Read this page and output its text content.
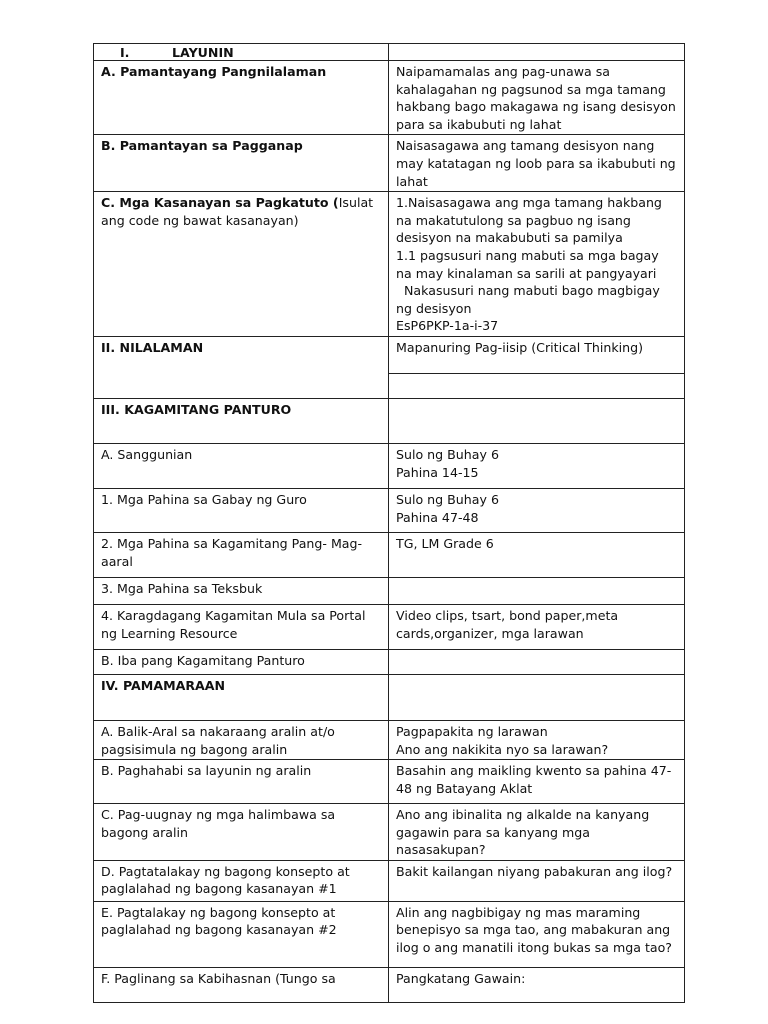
I. LAYUNIN	
A. Pamantayang Pangnilalaman	Naipamamalas ang pag-unawa sa kahalagahan ng pagsunod sa mga tamang hakbang bago makagawa ng isang desisyon para sa ikabubuti ng lahat
B. Pamantayan sa Pagganap	Naisasagawa ang tamang desisyon nang may katatagan ng loob para sa ikabubuti ng lahat
C. Mga Kasanayan sa Pagkatuto (Isulat ang code ng bawat kasanayan)	1.Naisasagawa ang mga tamang hakbang na makatutulong sa pagbuo ng isang desisyon na makabubuti sa pamilya
1.1 pagsusuri nang mabuti sa mga bagay na may kinalaman sa sarili at pangyayari
Nakasusuri nang mabuti bago magbigay ng desisyon
EsP6PKP-1a-i-37

II. NILALAMAN	Mapanuring Pag-iisip (Critical Thinking)

III. KAGAMITANG PANTURO	
A. Sanggunian	Sulo ng Buhay 6
Pahina 14-15

1. Mga Pahina sa Gabay ng Guro	Sulo ng Buhay 6
Pahina 47-48

2. Mga Pahina sa Kagamitang Pang- Mag-aaral	TG, LM Grade 6
3. Mga Pahina sa Teksbuk	
4. Karagdagang Kagamitan Mula sa Portal ng Learning Resource	Video clips, tsart, bond paper,meta cards,organizer, mga larawan
B. Iba pang Kagamitang Panturo	
IV. PAMAMARAAN	
A. Balik-Aral sa nakaraang aralin at/o pagsisimula ng bagong aralin	Pagpapakita ng larawan
Ano ang nakikita nyo sa larawan?

B. Paghahabi sa layunin ng aralin	Basahin ang maikling kwento sa pahina 47-48 ng Batayang Aklat
C. Pag-uugnay ng mga halimbawa sa bagong aralin	Ano ang ibinalita ng alkalde na kanyang gagawin para sa kanyang mga nasasakupan?
D. Pagtatalakay ng bagong konsepto at paglalahad ng bagong kasanayan #1	Bakit kailangan niyang pabakuran ang ilog?
E. Pagtalakay ng bagong konsepto at paglalahad ng bagong kasanayan #2	Alin ang nagbibigay ng mas maraming benepisyo sa mga tao, ang mabakuran ang ilog o ang manatili itong bukas sa mga tao?
F. Paglinang sa Kabihasnan (Tungo sa	Pangkatang Gawain:
